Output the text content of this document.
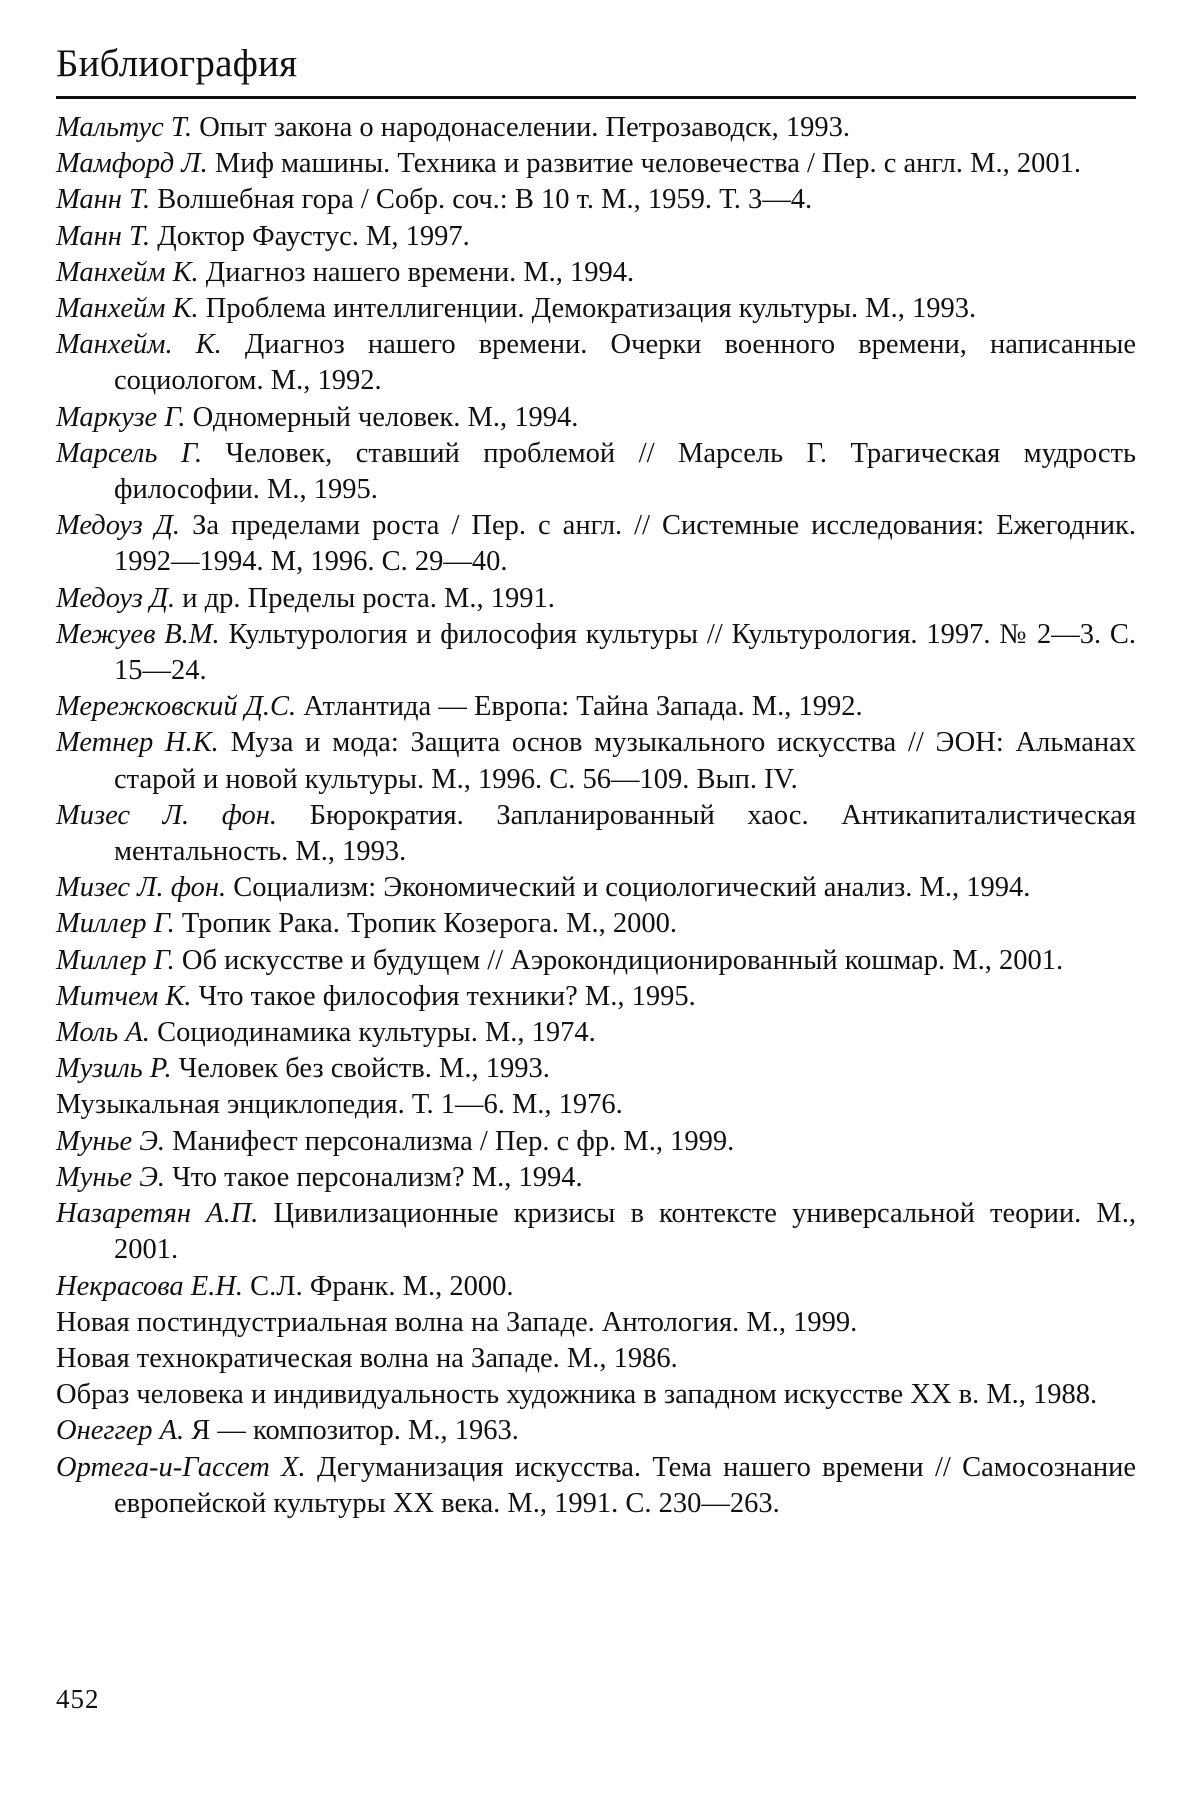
Библиография
Мальтус Т. Опыт закона о народонаселении. Петрозаводск, 1993.
Мамфорд Л. Миф машины. Техника и развитие человечества / Пер. с англ. М., 2001.
Манн Т. Волшебная гора / Собр. соч.: В 10 т. М., 1959. Т. 3—4.
Манн Т. Доктор Фаустус. М, 1997.
Манхейм К. Диагноз нашего времени. М., 1994.
Манхейм К. Проблема интеллигенции. Демократизация культуры. М., 1993.
Манхейм. К. Диагноз нашего времени. Очерки военного времени, написанные социологом. М., 1992.
Маркузе Г. Одномерный человек. М., 1994.
Марсель Г. Человек, ставший проблемой // Марсель Г. Трагическая мудрость философии. М., 1995.
Медоуз Д. За пределами роста / Пер. с англ. // Системные исследования: Ежегодник. 1992—1994. М, 1996. С. 29—40.
Медоуз Д. и др. Пределы роста. М., 1991.
Межуев В.М. Культурология и философия культуры // Культурология. 1997. № 2—3. С. 15—24.
Мережковский Д.С. Атлантида — Европа: Тайна Запада. М., 1992.
Метнер Н.К. Муза и мода: Защита основ музыкального искусства // ЭОН: Альманах старой и новой культуры. М., 1996. С. 56—109. Вып. IV.
Мизес Л. фон. Бюрократия. Запланированный хаос. Антикапиталистическая ментальность. М., 1993.
Мизес Л. фон. Социализм: Экономический и социологический анализ. М., 1994.
Миллер Г. Тропик Рака. Тропик Козерога. М., 2000.
Миллер Г. Об искусстве и будущем // Аэрокондиционированный кошмар. М., 2001.
Митчем К. Что такое философия техники? М., 1995.
Моль А. Социодинамика культуры. М., 1974.
Музиль Р. Человек без свойств. М., 1993.
Музыкальная энциклопедия. Т. 1—6. М., 1976.
Мунье Э. Манифест персонализма / Пер. с фр. М., 1999.
Мунье Э. Что такое персонализм? М., 1994.
Назаретян А.П. Цивилизационные кризисы в контексте универсальной теории. М., 2001.
Некрасова Е.Н. С.Л. Франк. М., 2000.
Новая постиндустриальная волна на Западе. Антология. М., 1999.
Новая технократическая волна на Западе. М., 1986.
Образ человека и индивидуальность художника в западном искусстве XX в. М., 1988.
Онеггер А. Я — композитор. М., 1963.
Ортега-и-Гассет Х. Дегуманизация искусства. Тема нашего времени // Самосознание европейской культуры XX века. М., 1991. С. 230—263.
452
